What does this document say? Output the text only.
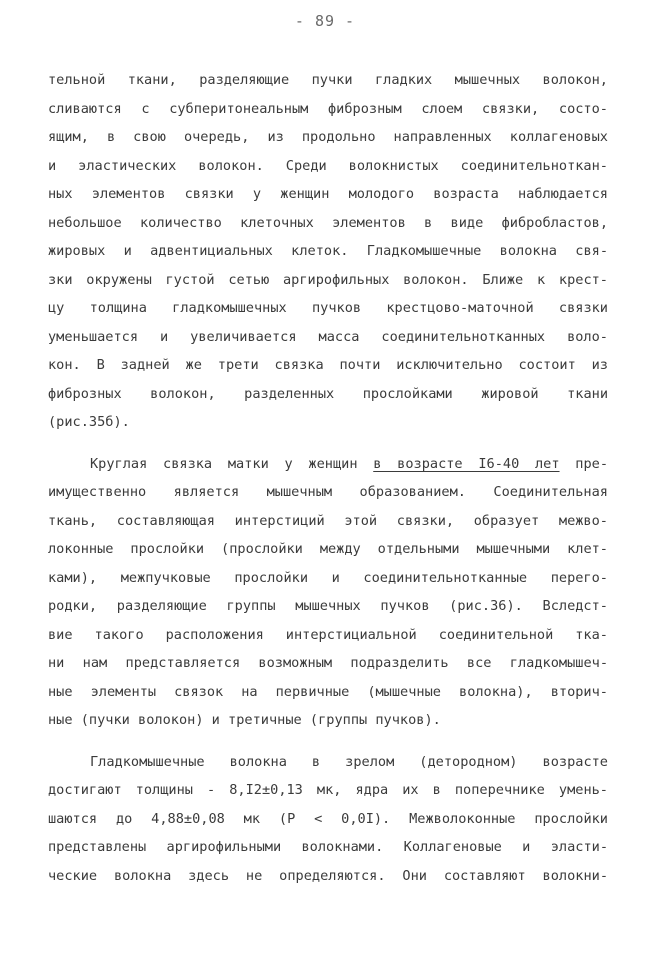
- 89 -
тельной ткани, разделяющие пучки гладких мышечных волокон,
сливаются с субперитонеальным фиброзным слоем связки, состо-
ящим, в свою очередь, из продольно направленных коллагеновых
и эластических волокон. Среди волокнистых соединительноткан-
ных элементов связки у женщин молодого возраста наблюдается
небольшое количество клеточных элементов в виде фибробластов,
жировых и адвентициальных клеток. Гладкомышечные волокна свя-
зки окружены густой сетью аргирофильных волокон. Ближе к крест-
цу толщина гладкомышечных пучков крестцово-маточной связки
уменьшается и увеличивается масса соединительнотканных воло-
кон. В задней же трети связка почти исключительно состоит из
фиброзных волокон, разделенных прослойками жировой ткани
(рис.35б).
Круглая связка матки у женщин в возрасте I6-40 лет пре-
имущественно является мышечным образованием. Соединительная
ткань, составляющая интерстиций этой связки, образует межво-
локонные прослойки (прослойки между отдельными мышечными клет-
ками), межпучковые прослойки и соединительнотканные перего-
родки, разделяющие группы мышечных пучков (рис.36). Вследст-
вие такого расположения интерстициальной соединительной тка-
ни нам представляется возможным подразделить все гладкомышеч-
ные элементы связок на первичные (мышечные волокна), вторич-
ные (пучки волокон) и третичные (группы пучков).
Гладкомышечные волокна в зрелом (детородном) возрасте
достигают толщины - 8,I2±0,13 мк, ядра их в поперечнике умень-
шаются до 4,88±0,08 мк (P < 0,0I). Межволоконные прослойки
представлены аргирофильными волокнами. Коллагеновые и эласти-
ческие волокна здесь не определяются. Они составляют волокни-
